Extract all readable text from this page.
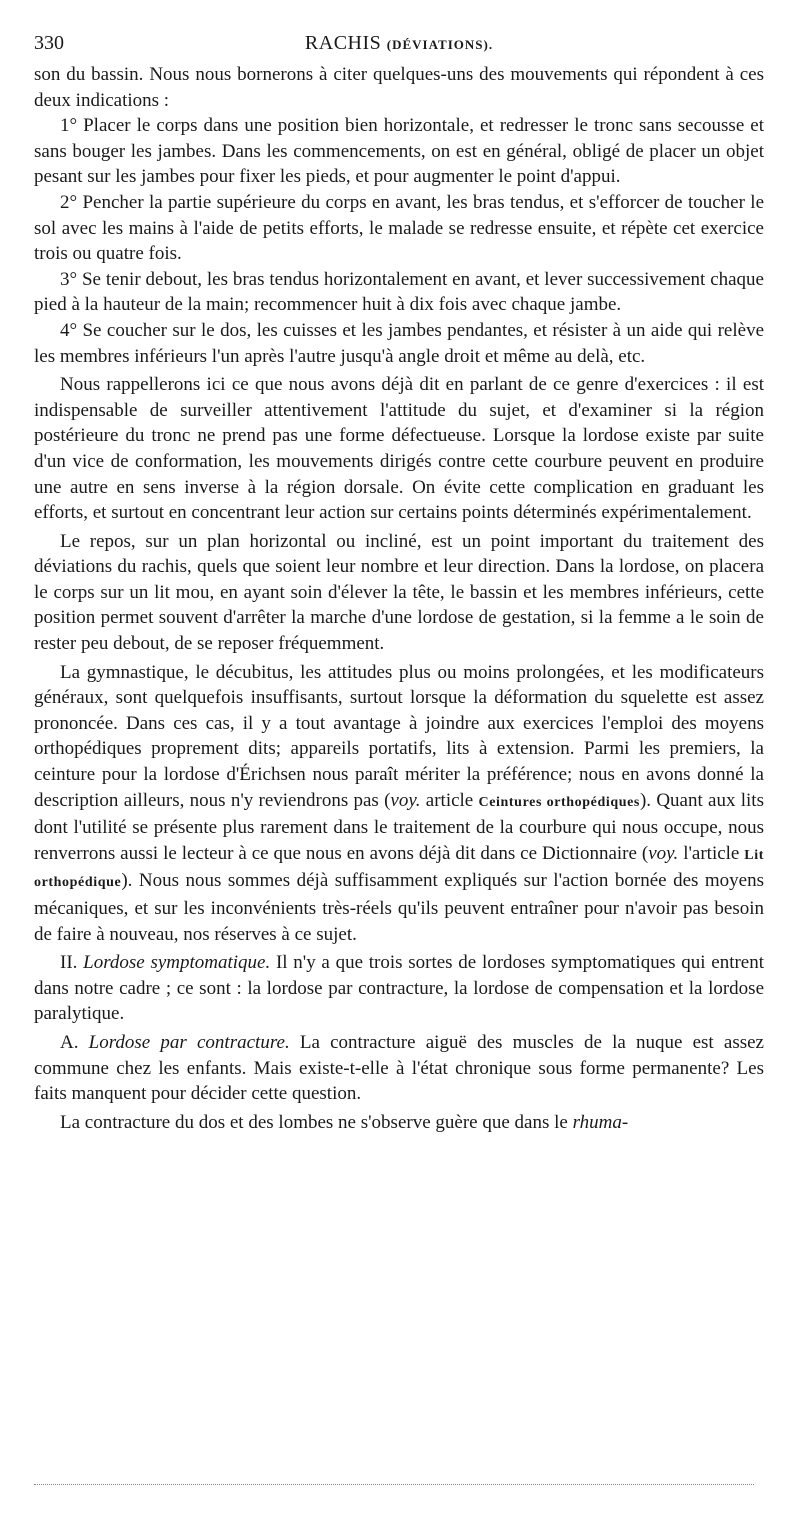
330	RACHIS (DÉVIATIONS).

son du bassin. Nous nous bornerons à citer quelques-uns des mouvements qui répondent à ces deux indications :

1° Placer le corps dans une position bien horizontale, et redresser le tronc sans secousse et sans bouger les jambes. Dans les commencements, on est en général, obligé de placer un objet pesant sur les jambes pour fixer les pieds, et pour augmenter le point d'appui.

2° Pencher la partie supérieure du corps en avant, les bras tendus, et s'efforcer de toucher le sol avec les mains à l'aide de petits efforts, le malade se redresse ensuite, et répète cet exercice trois ou quatre fois.

3° Se tenir debout, les bras tendus horizontalement en avant, et lever successivement chaque pied à la hauteur de la main; recommencer huit à dix fois avec chaque jambe.

4° Se coucher sur le dos, les cuisses et les jambes pendantes, et résister à un aide qui relève les membres inférieurs l'un après l'autre jusqu'à angle droit et même au delà, etc.

Nous rappellerons ici ce que nous avons déjà dit en parlant de ce genre d'exercices : il est indispensable de surveiller attentivement l'attitude du sujet, et d'examiner si la région postérieure du tronc ne prend pas une forme défectueuse. Lorsque la lordose existe par suite d'un vice de conformation, les mouvements dirigés contre cette courbure peuvent en produire une autre en sens inverse à la région dorsale. On évite cette complication en graduant les efforts, et surtout en concentrant leur action sur certains points déterminés expérimentalement.

Le repos, sur un plan horizontal ou incliné, est un point important du traitement des déviations du rachis, quels que soient leur nombre et leur direction. Dans la lordose, on placera le corps sur un lit mou, en ayant soin d'élever la tête, le bassin et les membres inférieurs, cette position permet souvent d'arrêter la marche d'une lordose de gestation, si la femme a le soin de rester peu debout, de se reposer fréquemment.

La gymnastique, le décubitus, les attitudes plus ou moins prolongées, et les modificateurs généraux, sont quelquefois insuffisants, surtout lorsque la déformation du squelette est assez prononcée. Dans ces cas, il y a tout avantage à joindre aux exercices l'emploi des moyens orthopédiques proprement dits; appareils portatifs, lits à extension. Parmi les premiers, la ceinture pour la lordose d'Érichsen nous paraît mériter la préférence; nous en avons donné la description ailleurs, nous n'y reviendrons pas (voy. article Ceintures orthopédiques). Quant aux lits dont l'utilité se présente plus rarement dans le traitement de la courbure qui nous occupe, nous renverrons aussi le lecteur à ce que nous en avons déjà dit dans ce Dictionnaire (voy. l'article Lit orthopédique). Nous nous sommes déjà suffisamment expliqués sur l'action bornée des moyens mécaniques, et sur les inconvénients très-réels qu'ils peuvent entraîner pour n'avoir pas besoin de faire à nouveau, nos réserves à ce sujet.

II. Lordose symptomatique. Il n'y a que trois sortes de lordoses symptomatiques qui entrent dans notre cadre ; ce sont : la lordose par contracture, la lordose de compensation et la lordose paralytique.

A. Lordose par contracture. La contracture aiguë des muscles de la nuque est assez commune chez les enfants. Mais existe-t-elle à l'état chronique sous forme permanente? Les faits manquent pour décider cette question.

La contracture du dos et des lombes ne s'observe guère que dans le rhuma-
